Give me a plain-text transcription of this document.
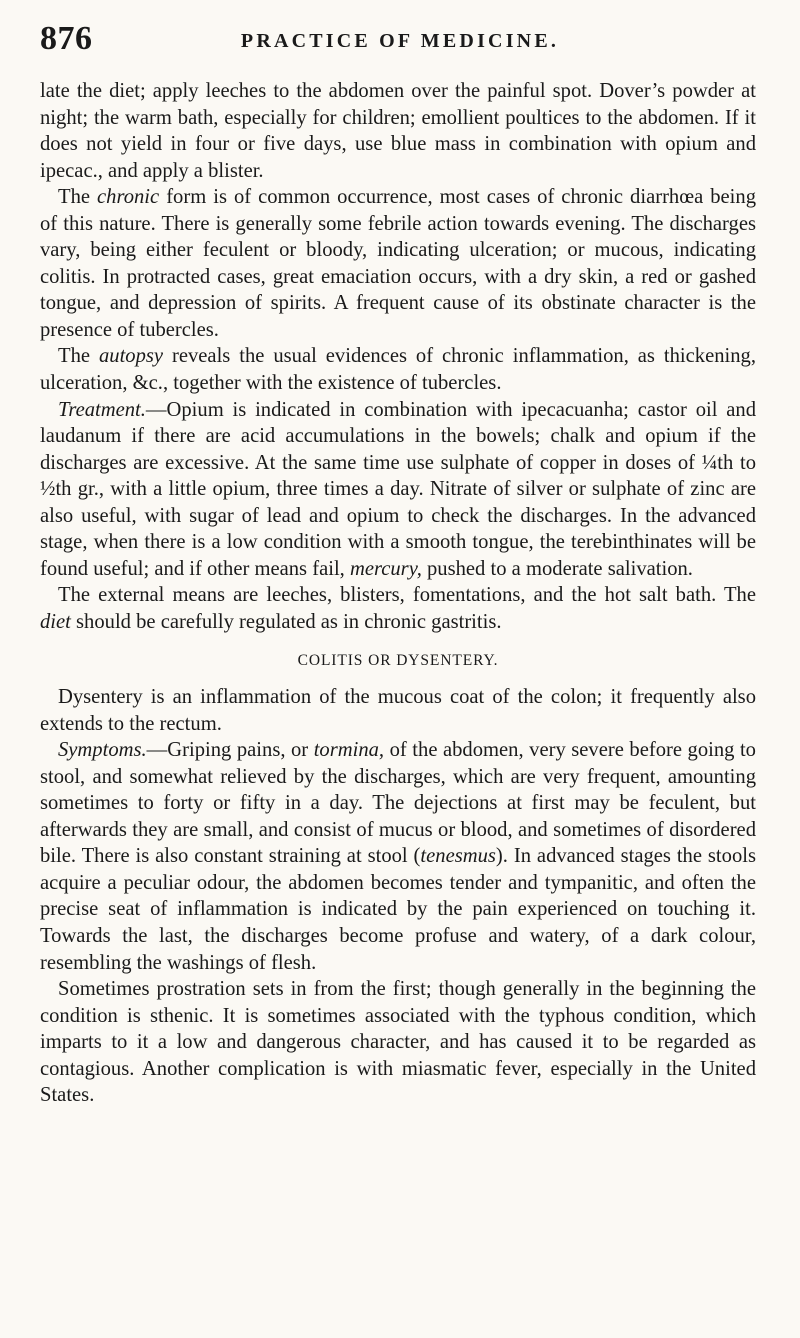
876	PRACTICE OF MEDICINE.

late the diet; apply leeches to the abdomen over the painful spot. Dover’s powder at night; the warm bath, especially for children; emollient poultices to the abdomen. If it does not yield in four or five days, use blue mass in combination with opium and ipecac., and apply a blister.

The chronic form is of common occurrence, most cases of chronic diarrhœa being of this nature. There is generally some febrile action towards evening. The discharges vary, being either feculent or bloody, indicating ulceration; or mucous, indicating colitis. In protracted cases, great emaciation occurs, with a dry skin, a red or gashed tongue, and depression of spirits. A frequent cause of its obstinate character is the presence of tubercles.

The autopsy reveals the usual evidences of chronic inflammation, as thickening, ulceration, &c., together with the existence of tubercles.

Treatment.—Opium is indicated in combination with ipecacuanha; castor oil and laudanum if there are acid accumulations in the bowels; chalk and opium if the discharges are excessive. At the same time use sulphate of copper in doses of ¼th to ½th gr., with a little opium, three times a day. Nitrate of silver or sulphate of zinc are also useful, with sugar of lead and opium to check the discharges. In the advanced stage, when there is a low condition with a smooth tongue, the terebinthinates will be found useful; and if other means fail, mercury, pushed to a moderate salivation.

The external means are leeches, blisters, fomentations, and the hot salt bath. The diet should be carefully regulated as in chronic gastritis.

COLITIS OR DYSENTERY.

Dysentery is an inflammation of the mucous coat of the colon; it frequently also extends to the rectum.

Symptoms.—Griping pains, or tormina, of the abdomen, very severe before going to stool, and somewhat relieved by the discharges, which are very frequent, amounting sometimes to forty or fifty in a day. The dejections at first may be feculent, but afterwards they are small, and consist of mucus or blood, and sometimes of disordered bile. There is also constant straining at stool (tenesmus). In advanced stages the stools acquire a peculiar odour, the abdomen becomes tender and tympanitic, and often the precise seat of inflammation is indicated by the pain experienced on touching it. Towards the last, the discharges become profuse and watery, of a dark colour, resembling the washings of flesh.

Sometimes prostration sets in from the first; though generally in the beginning the condition is sthenic. It is sometimes associated with the typhous condition, which imparts to it a low and dangerous character, and has caused it to be regarded as contagious. Another complication is with miasmatic fever, especially in the United States.
